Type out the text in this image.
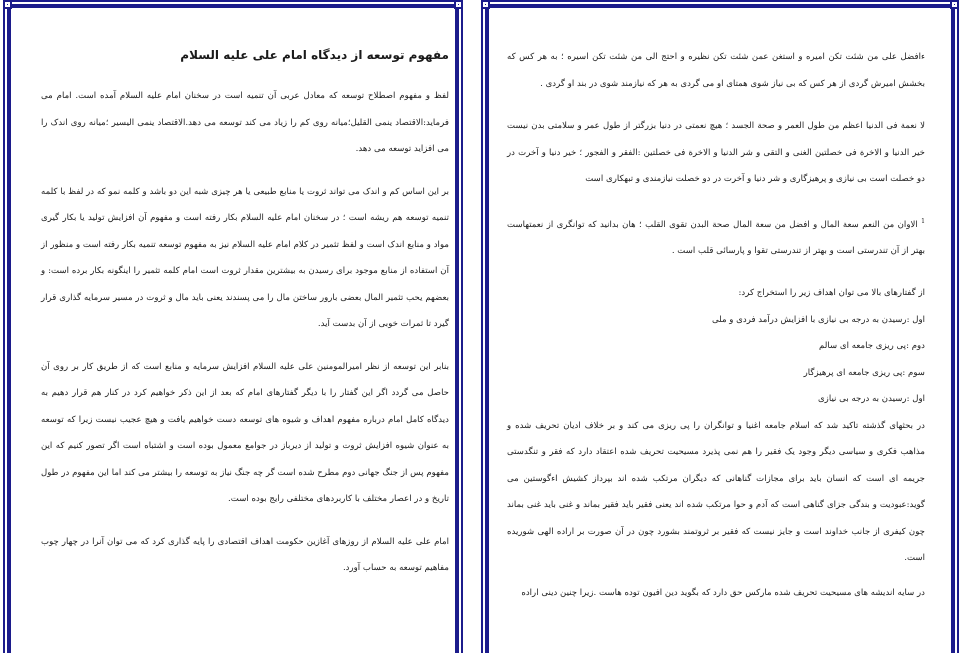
مفهوم توسعه از دیدگاه امام علی علیه السلام

لفظ و مفهوم اصطلاح توسعه که معادل عربی آن تنمیه است در سخنان امام علیه السلام آمده است. امام می فرماید:الاقتصاد ینمی القلیل؛میانه روی کم را زیاد می کند توسعه می دهد.الاقتصاد ینمی الیسیر ؛میانه روی اندک را می افزاید توسعه می دهد.

بر این اساس کم و اندک می تواند ثروت یا منابع طبیعی یا هر چیزی شبه این دو باشد و کلمه نمو که در لفظ با کلمه تنمیه توسعه هم ریشه است ؛ در سخنان امام علیه السلام بکار رفته است و مفهوم آن افزایش تولید یا بکار گیری مواد و منابع اندک است و لفظ تثمیر در کلام امام علیه السلام نیز به مفهوم توسعه تنمیه بکار رفته است و منظور از آن استفاده از منابع موجود برای رسیدن به بیشترین مقدار ثروت است امام کلمه تثمیر را اینگونه بکار برده است: و بعضهم یحب تثمیر المال بعضی بارور ساختن مال را می پسندند یعنی باید مال و ثروت در مسیر سرمایه گذاری قرار گیرد تا ثمرات خوبی از آن بدست آید.

بنابر این توسعه از نظر امیرالمومنین علی علیه السلام افزایش سرمایه و منابع است که از طریق کار بر روی آن حاصل می گردد اگر این گفتار را با دیگر گفتارهای امام که بعد از این ذکر خواهیم کرد در کنار هم قرار دهیم به دیدگاه کامل امام درباره مفهوم اهداف و شیوه های توسعه دست خواهیم یافت و هیچ عجیب نیست زیرا که توسعه به عنوان شیوه افزایش ثروت و تولید از دیرباز در جوامع معمول بوده است و اشتباه است اگر تصور کنیم که این مفهوم پس از جنگ جهانی دوم مطرح شده است گر چه جنگ نیاز به توسعه را بیشتر می کند اما این مفهوم در طول تاریخ و در اعصار مختلف با کاربردهای مختلفی رایج بوده است.

امام علی علیه السلام از روزهای آغازین حکومت اهداف اقتصادی را پایه گذاری کرد که می توان آنرا در چهار چوب مفاهیم توسعه به حساب آورد.

ءافضل علی من شئت تکن امیره و استغن عمن شئت تکن نظیره و احتج الی من شئت تکن اسیره ؛ به هر کس که بخشش امیرش گردی از هر کس که بی نیاز شوی همتای او می گردی به هر که نیازمند شوی در بند او گردی .

لا نعمة فی الدنیا اعظم من طول العمر و صحة الجسد ؛ هیچ نعمتی در دنیا بزرگتر از طول عمر و سلامتی بدن نیست خیر الدنیا و الاخرة فی خصلتین الغنی و التقی و شر الدنیا و الاخرة فی خصلتین :الفقر و الفجور ؛ خیر دنیا و آخرت در دو خصلت است بی نیازی و پرهیزگاری و شر دنیا و آخرت در دو خصلت نیازمندی و تبهکاری است

$^1$ الاوان من النعم سعة المال و افضل من سعة المال صحة البدن تقوی القلب ؛ هان بدانید که توانگری از نعمتهاست بهتر از آن تندرستی است و بهتر از تندرستی تقوا و پارسائی قلب است .

از گفتارهای بالا می توان اهداف زیر را استخراج کرد:

اول :رسیدن به درجه بی نیازی با افزایش درآمد فردی و ملی

دوم :پی ریزی جامعه ای سالم

سوم :پی ریزی جامعه ای پرهیزگار

اول :رسیدن به درجه بی نیازی

در بحثهای گذشته تاکید شد که اسلام جامعه اغنیا و توانگران را پی ریزی می کند و بر خلاف ادیان تحریف شده و مذاهب فکری و سیاسی دیگر وجود یک فقیر را هم نمی پذیرد مسیحیت تحریف شده اعتقاد دارد که فقر و تنگدستی جریمه ای است که انسان باید برای مجازات گناهانی که دیگران مرتکب شده اند بپرداز کشیش اءگوستین می گوید:عبودیت و بندگی جزای گناهی است که آدم و حوا مرتکب شده اند یعنی فقیر باید فقیر بماند و غنی باید غنی بماند چون کیفری از جانب خداوند است و جایز نیست که فقیر بر ثروتمند بشورد چون در آن صورت بر اراده الهی شوریده است.

در سایه اندیشه های مسیحیت تحریف شده مارکس حق دارد که بگوید دین افیون توده هاست .زیرا چنین دینی اراده
